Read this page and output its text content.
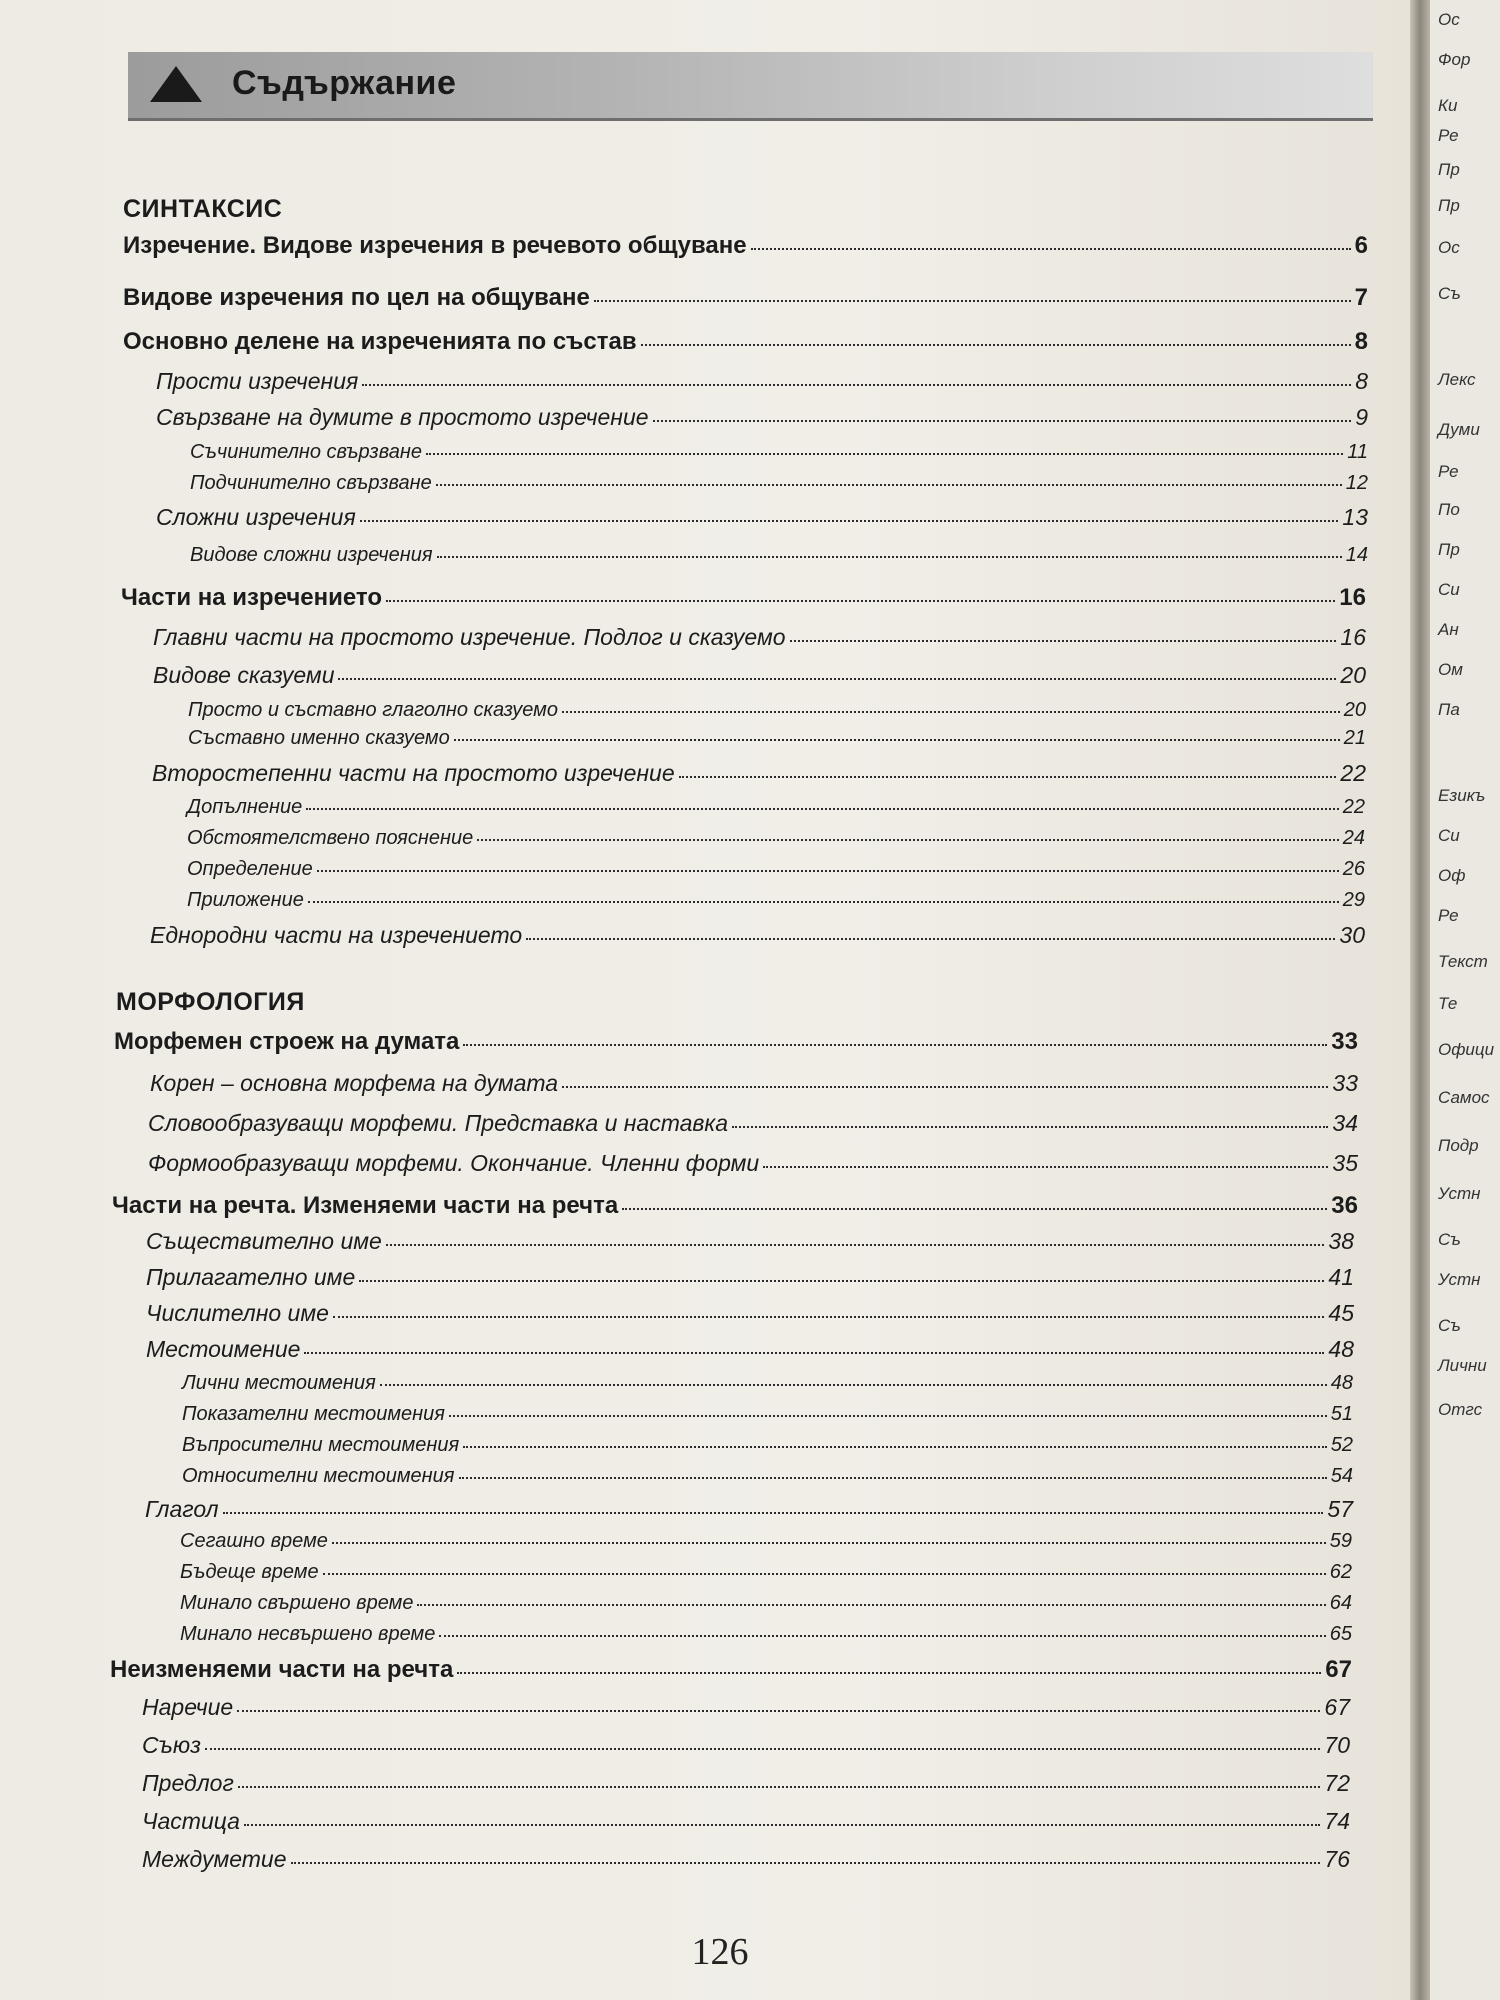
Съдържание
СИНТАКСИС
Изречение. Видове изречения в речевото общуване	6
Видове изречения по цел на общуване	7
Основно делене на изреченията по състав	8
Прости изречения	8
Свързване на думите в простото изречение	9
Съчинително свързване	11
Подчинително свързване	12
Сложни изречения	13
Видове сложни изречения	14
Части на изречението	16
Главни части на простото изречение. Подлог и сказуемо	16
Видове сказуеми	20
Просто и съставно глаголно сказуемо	20
Съставно именно сказуемо	21
Второстепенни части на простото изречение	22
Допълнение	22
Обстоятелствено пояснение	24
Определение	26
Приложение	29
Еднородни части на изречението	30
МОРФОЛОГИЯ
Морфемен строеж на думата	33
Корен – основна морфема на думата	33
Словообразуващи морфеми. Представка и наставка	34
Формообразуващи морфеми. Окончание. Членни форми	35
Части на речта. Изменяеми части на речта	36
Съществително име	38
Прилагателно име	41
Числително име	45
Местоимение	48
Лични местоимения	48
Показателни местоимения	51
Въпросителни местоимения	52
Относителни местоимения	54
Глагол	57
Сегашно време	59
Бъдеще време	62
Минало свършено време	64
Минало несвършено време	65
Неизменяеми части на речта	67
Наречие	67
Съюз	70
Предлог	72
Частица	74
Междуметие	76
126
Ос
Фор
Ки
Ре
Пр
Пр
Ос
Съ
Лекс
Думи
Ре
По
Пр
Си
Ан
Ом
Па
Езикъ
Си
Оф
Ре
Текст
Те
Офици
Самос
Подр
Устн
Съ
Устн
Съ
Лични
Отгс
